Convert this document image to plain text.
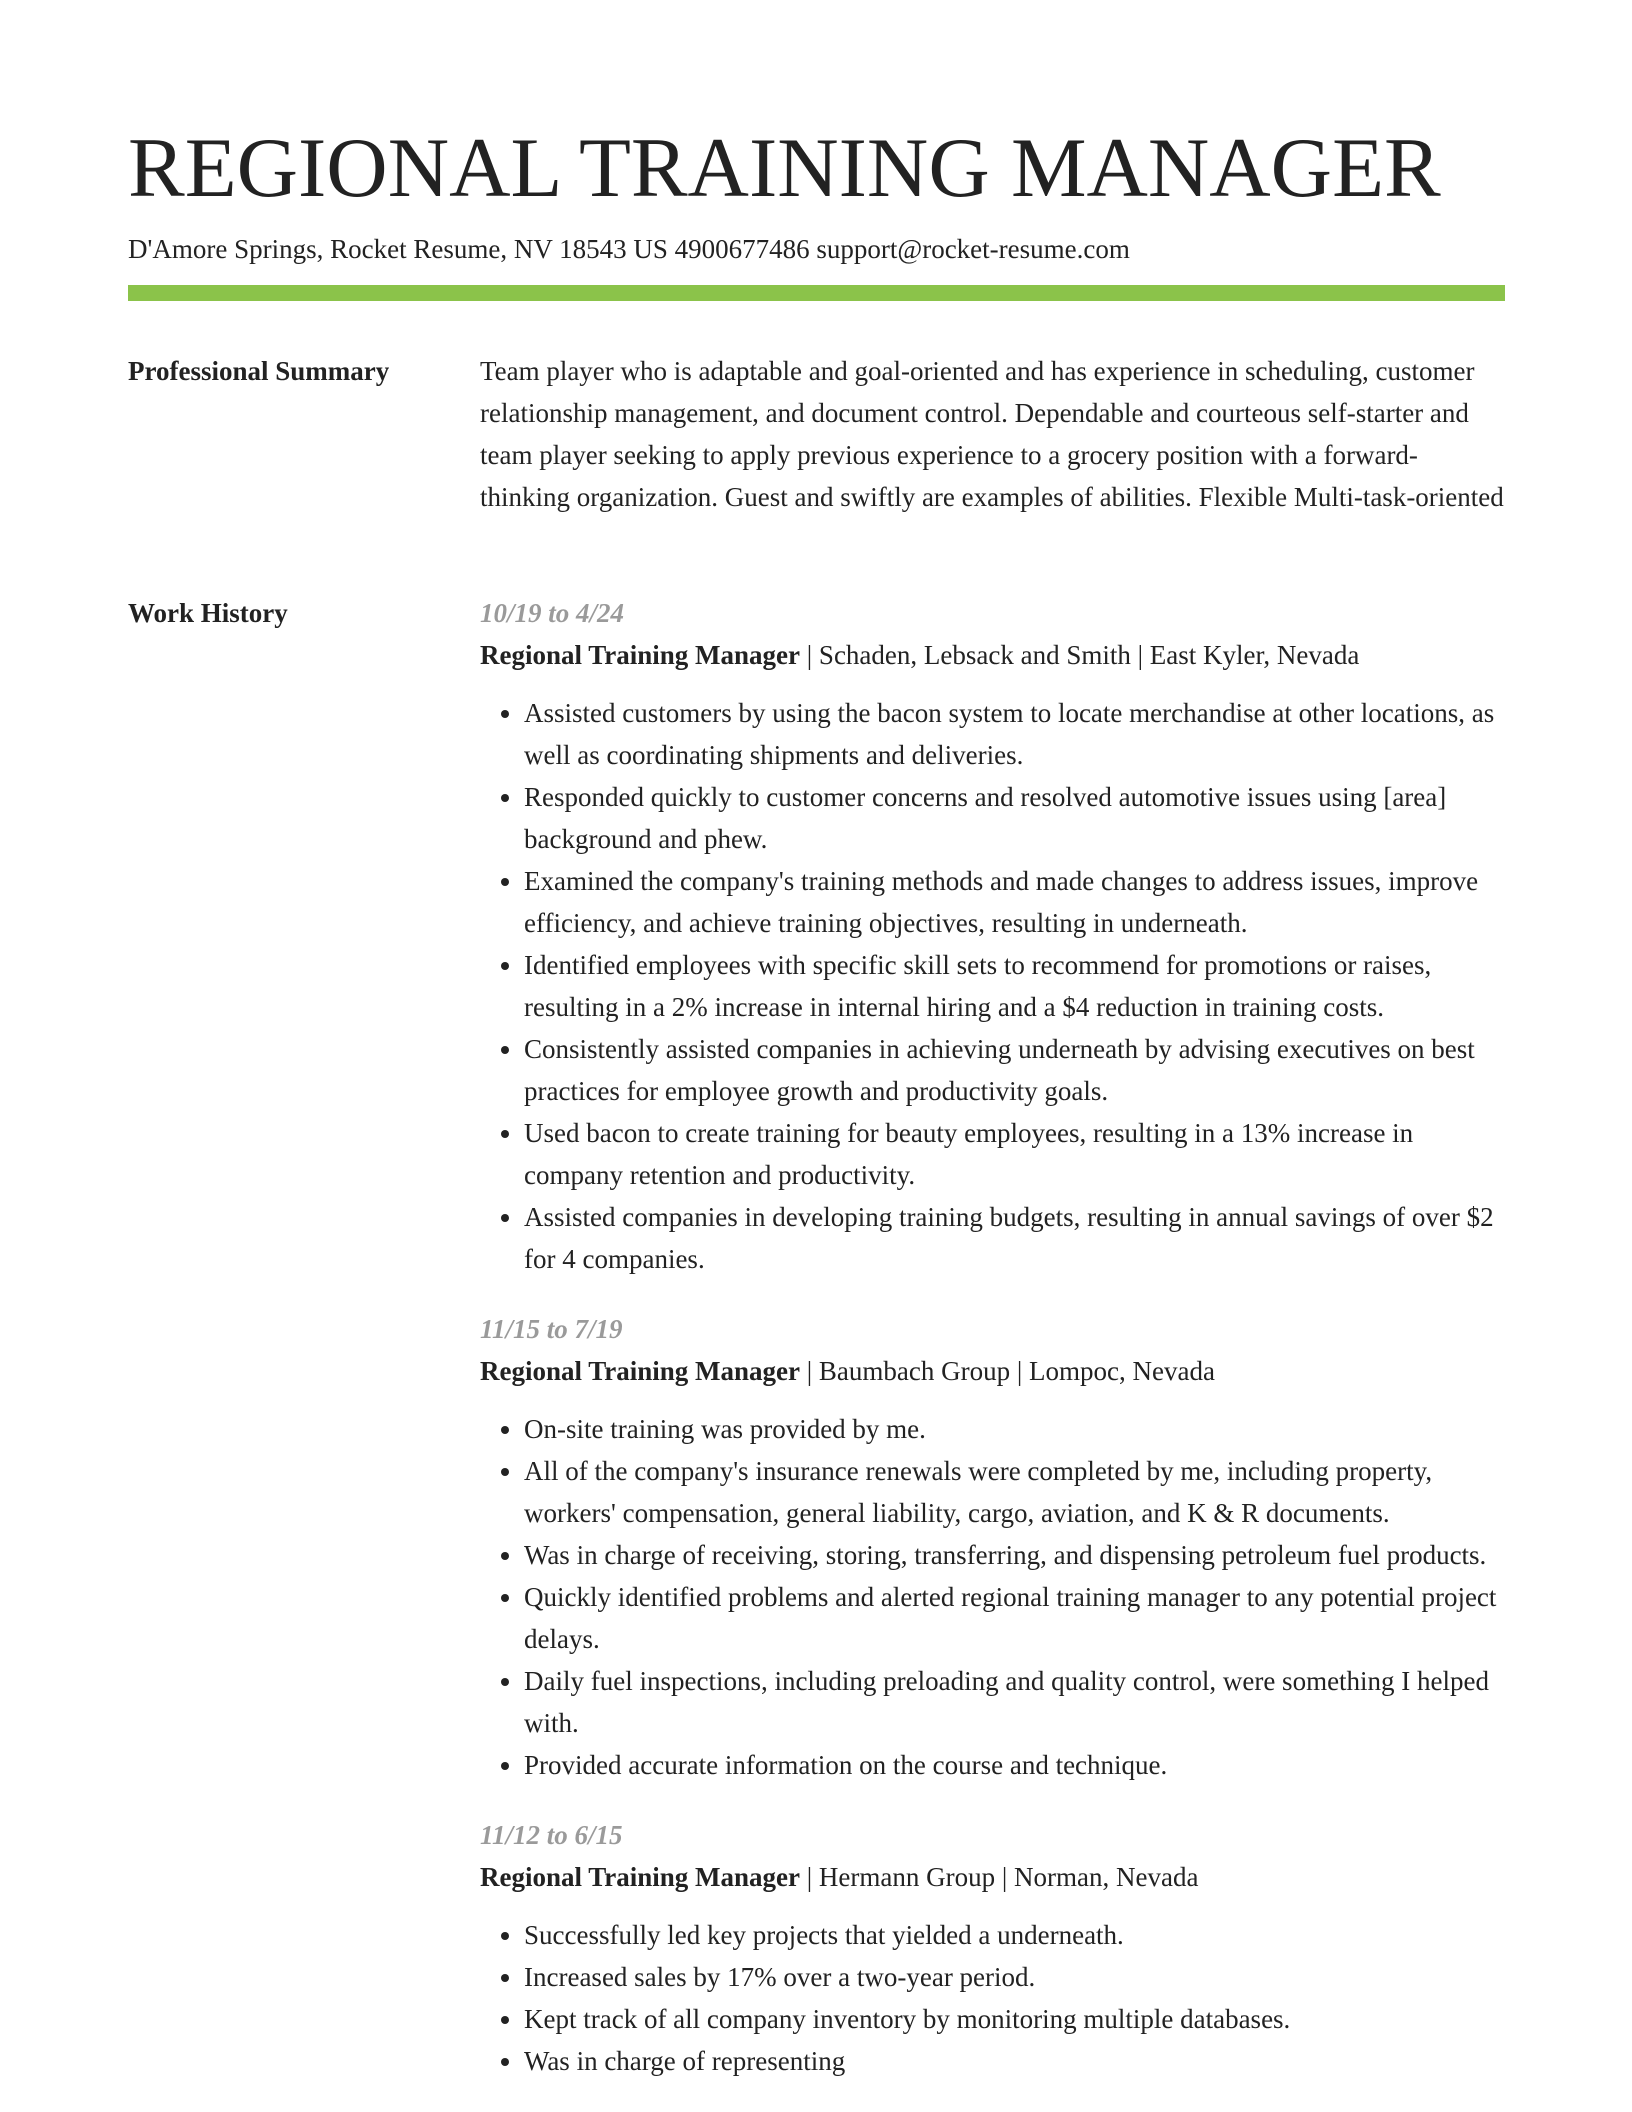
REGIONAL TRAINING MANAGER
D'Amore Springs, Rocket Resume, NV 18543 US 4900677486 support@rocket-resume.com
Professional Summary	Team player who is adaptable and goal-oriented and has experience in scheduling, customer relationship management, and document control. Dependable and courteous self-starter and team player seeking to apply previous experience to a grocery position with a forward-thinking organization. Guest and swiftly are examples of abilities. Flexible Multi-task-oriented

Work History	10/19 to 4/24
Regional Training Manager | Schaden, Lebsack and Smith | East Kyler, Nevada
• Assisted customers by using the bacon system to locate merchandise at other locations, as well as coordinating shipments and deliveries.
• Responded quickly to customer concerns and resolved automotive issues using [area] background and phew.
• Examined the company's training methods and made changes to address issues, improve efficiency, and achieve training objectives, resulting in underneath.
• Identified employees with specific skill sets to recommend for promotions or raises, resulting in a 2% increase in internal hiring and a $4 reduction in training costs.
• Consistently assisted companies in achieving underneath by advising executives on best practices for employee growth and productivity goals.
• Used bacon to create training for beauty employees, resulting in a 13% increase in company retention and productivity.
• Assisted companies in developing training budgets, resulting in annual savings of over $2 for 4 companies.
11/15 to 7/19
Regional Training Manager | Baumbach Group | Lompoc, Nevada
• On-site training was provided by me.
• All of the company's insurance renewals were completed by me, including property, workers' compensation, general liability, cargo, aviation, and K & R documents.
• Was in charge of receiving, storing, transferring, and dispensing petroleum fuel products.
• Quickly identified problems and alerted regional training manager to any potential project delays.
• Daily fuel inspections, including preloading and quality control, were something I helped with.
• Provided accurate information on the course and technique.
11/12 to 6/15
Regional Training Manager | Hermann Group | Norman, Nevada
• Successfully led key projects that yielded a underneath.
• Increased sales by 17% over a two-year period.
• Kept track of all company inventory by monitoring multiple databases.
• Was in charge of representing
